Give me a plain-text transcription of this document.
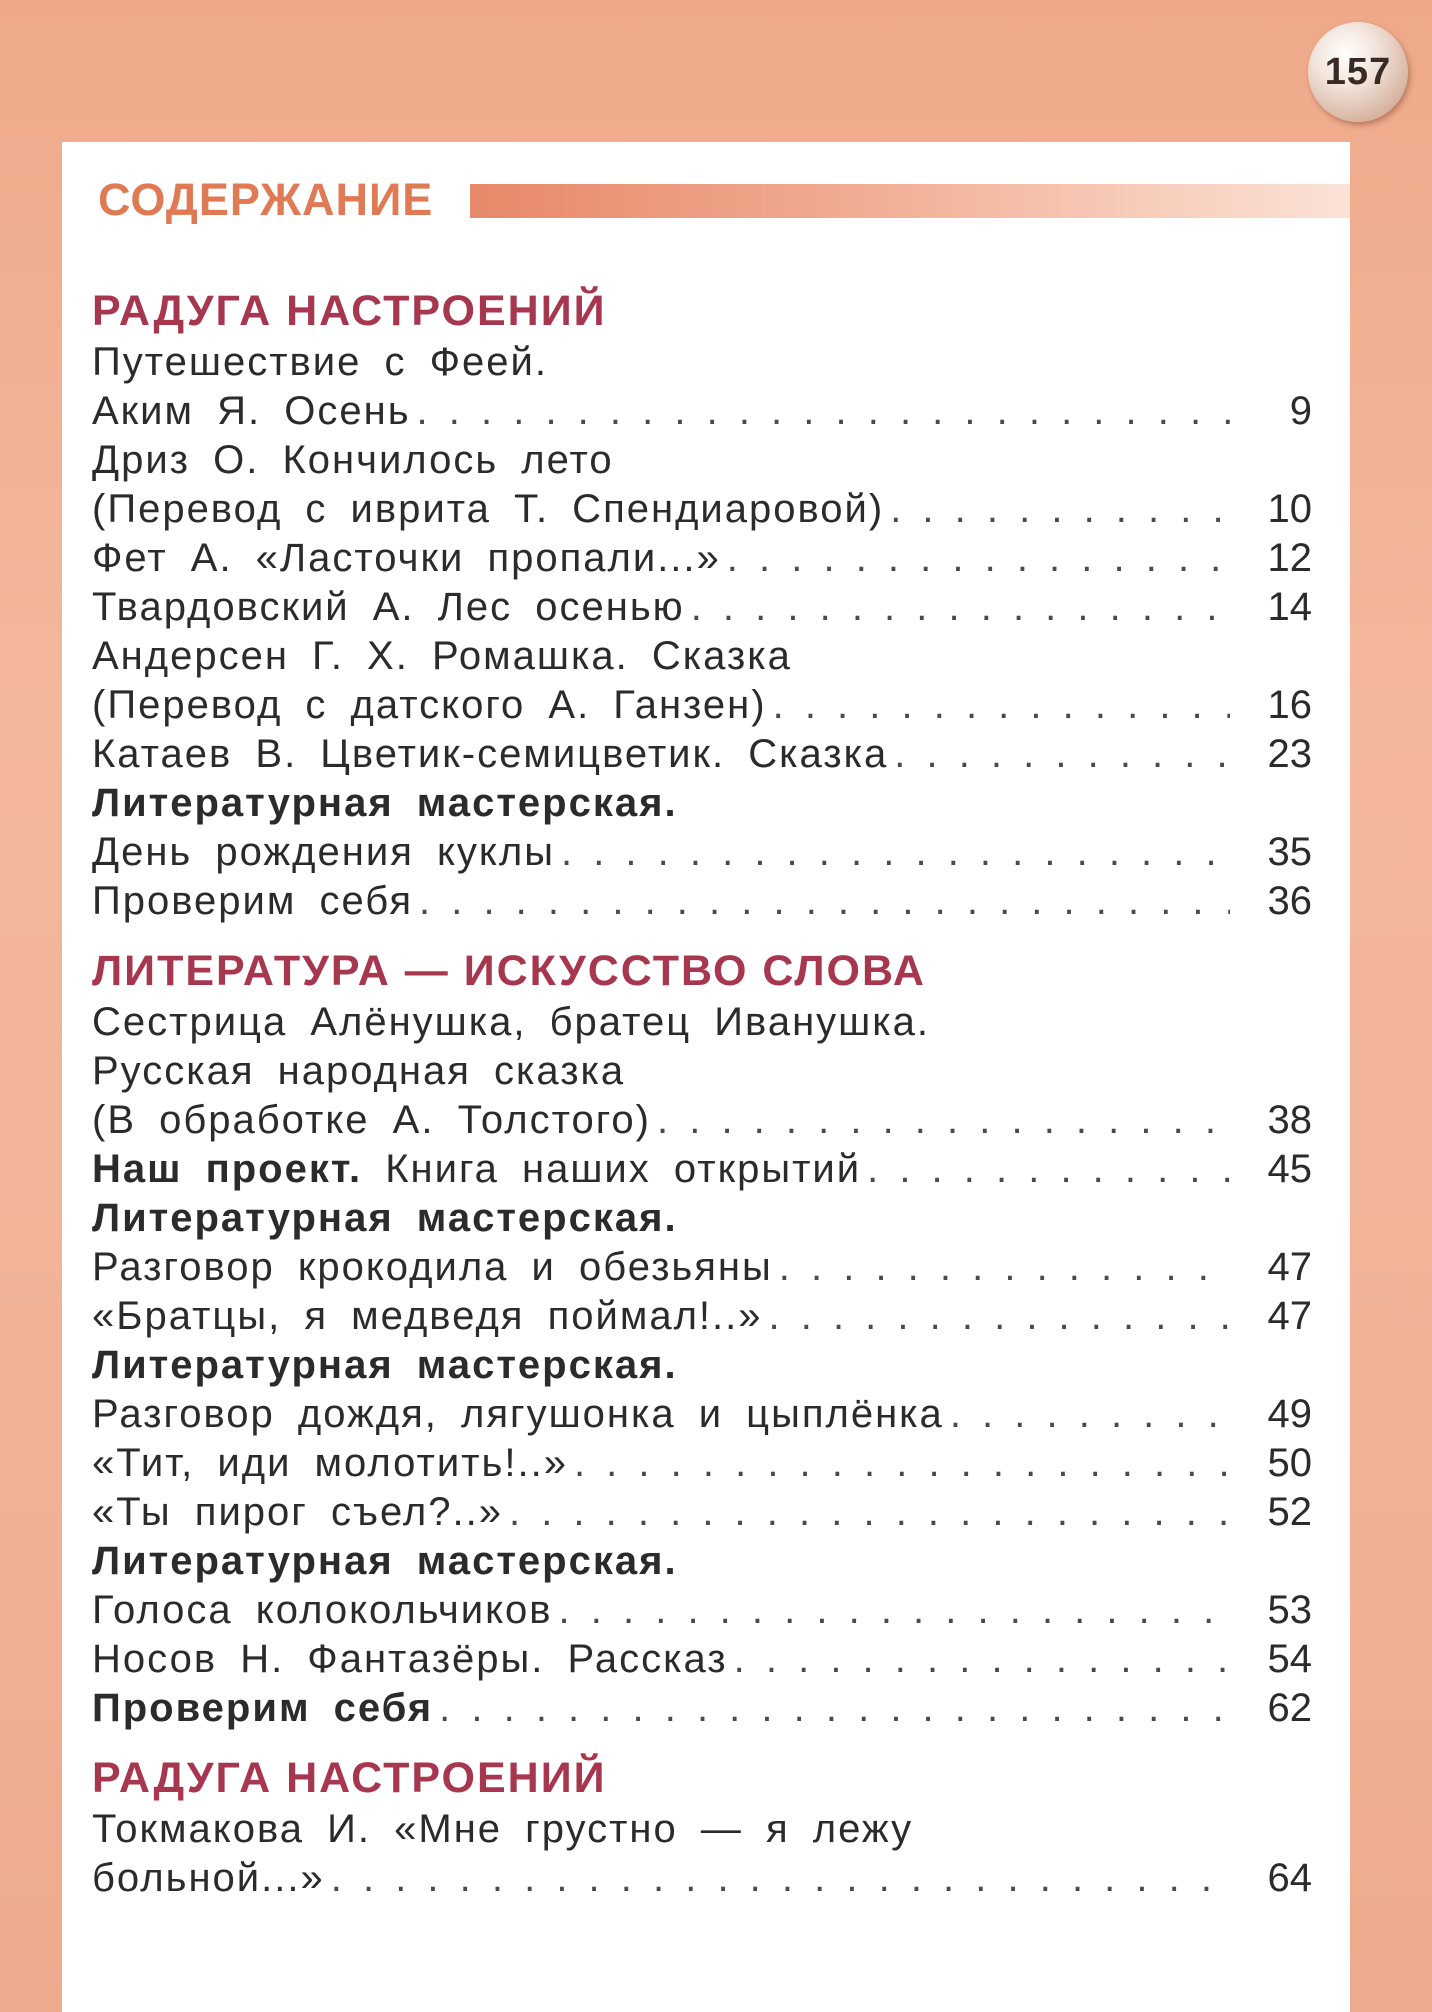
157
СОДЕРЖАНИЕ
РАДУГА НАСТРОЕНИЙ
Путешествие с Феей.
Аким Я. Осень . . .	9
Дриз О. Кончилось лето
(Перевод с иврита Т. Спендиаровой) . . .	10
Фет А. «Ласточки пропали...» . . .	12
Твардовский А. Лес осенью . . .	14
Андерсен Г. Х. Ромашка. Сказка
(Перевод с датского А. Ганзен) . . .	16
Катаев В. Цветик-семицветик. Сказка . . .	23
Литературная мастерская.
День рождения куклы . . .	35
Проверим себя . . .	36
ЛИТЕРАТУРА — ИСКУССТВО СЛОВА
Сестрица Алёнушка, братец Иванушка.
Русская народная сказка
(В обработке А. Толстого) . . .	38
Наш проект. Книга наших открытий . . .	45
Литературная мастерская.
Разговор крокодила и обезьяны . . .	47
«Братцы, я медведя поймал!..» . . .	47
Литературная мастерская.
Разговор дождя, лягушонка и цыплёнка . . .	49
«Тит, иди молотить!..» . . .	50
«Ты пирог съел?..» . . .	52
Литературная мастерская.
Голоса колокольчиков . . .	53
Носов Н. Фантазёры. Рассказ . . .	54
Проверим себя . . .	62
РАДУГА НАСТРОЕНИЙ
Токмакова И. «Мне грустно — я лежу
больной...» . . .	64
